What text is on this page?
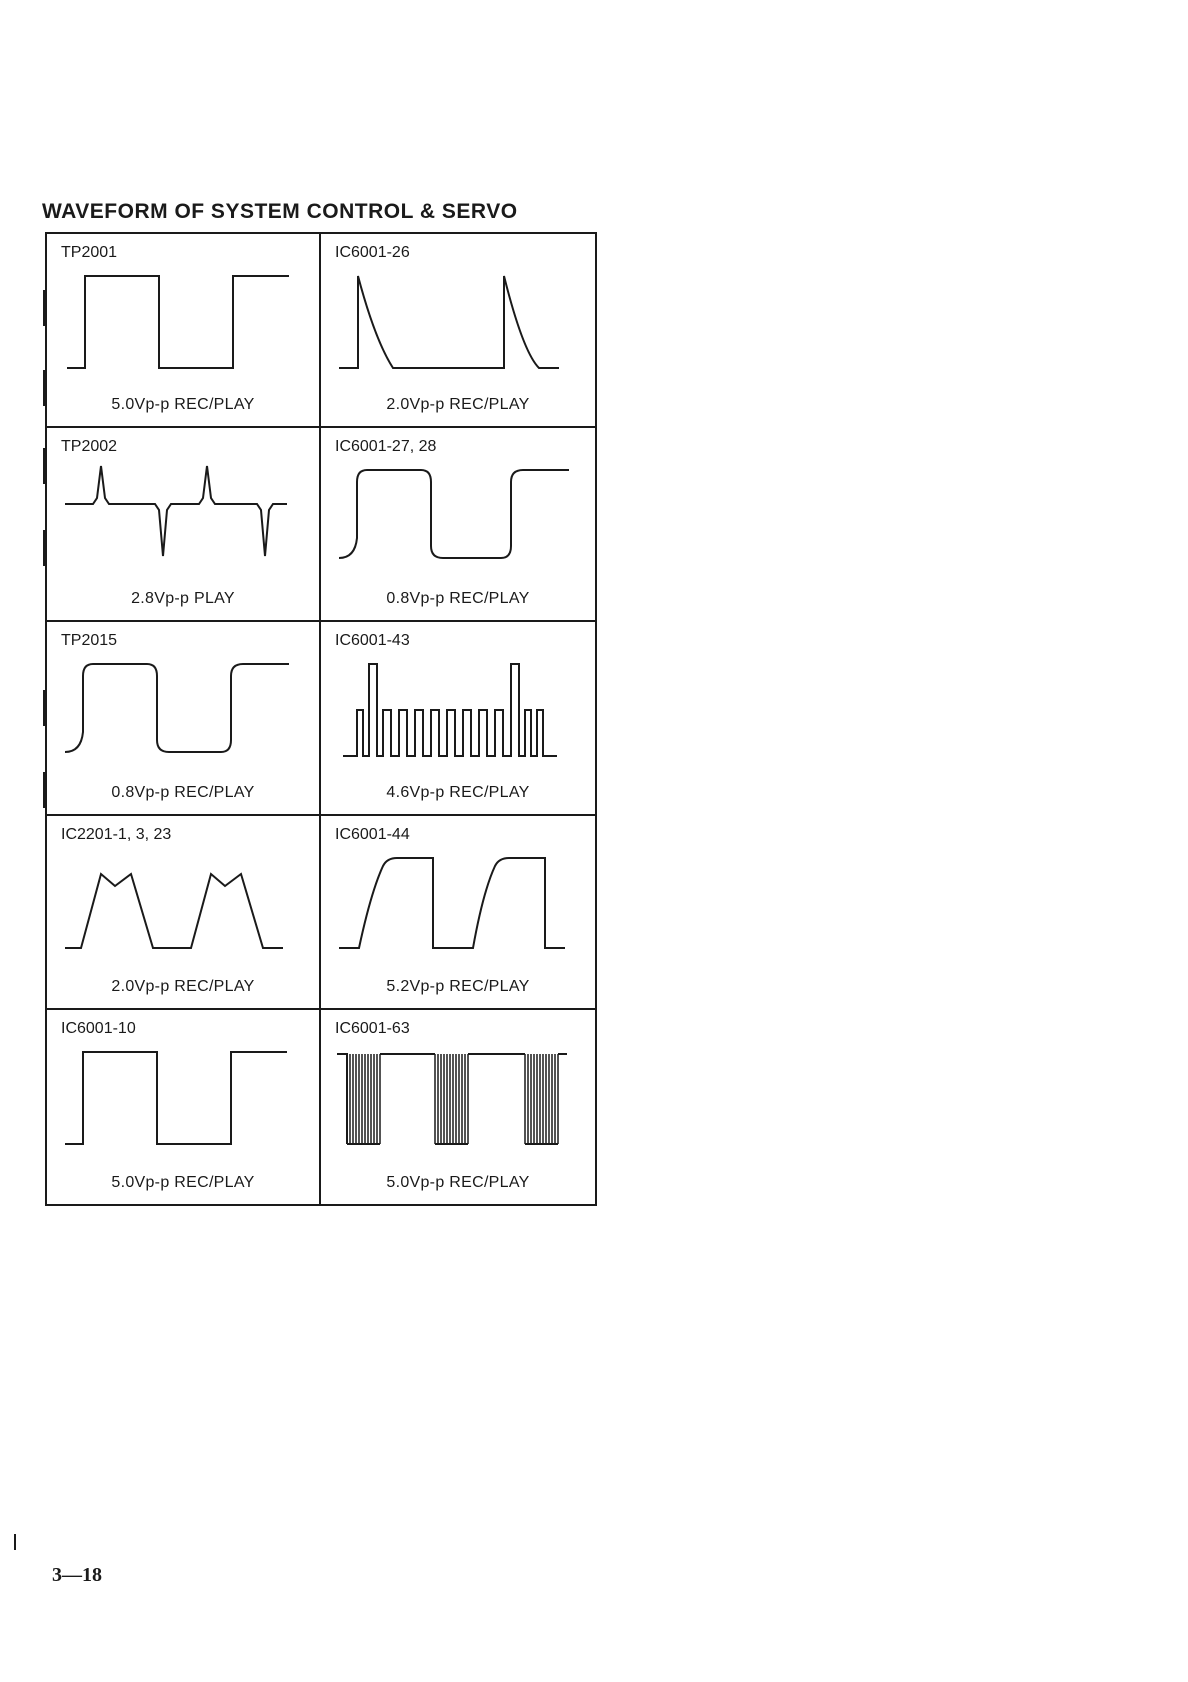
WAVEFORM OF SYSTEM CONTROL & SERVO
TP2001
5.0Vp-p REC/PLAY
IC6001-26
2.0Vp-p REC/PLAY
TP2002
2.8Vp-p PLAY
IC6001-27, 28
0.8Vp-p REC/PLAY
TP2015
0.8Vp-p REC/PLAY
IC6001-43
4.6Vp-p REC/PLAY
IC2201-1, 3, 23
2.0Vp-p REC/PLAY
IC6001-44
5.2Vp-p REC/PLAY
IC6001-10
5.0Vp-p REC/PLAY
IC6001-63
5.0Vp-p REC/PLAY
3—18
